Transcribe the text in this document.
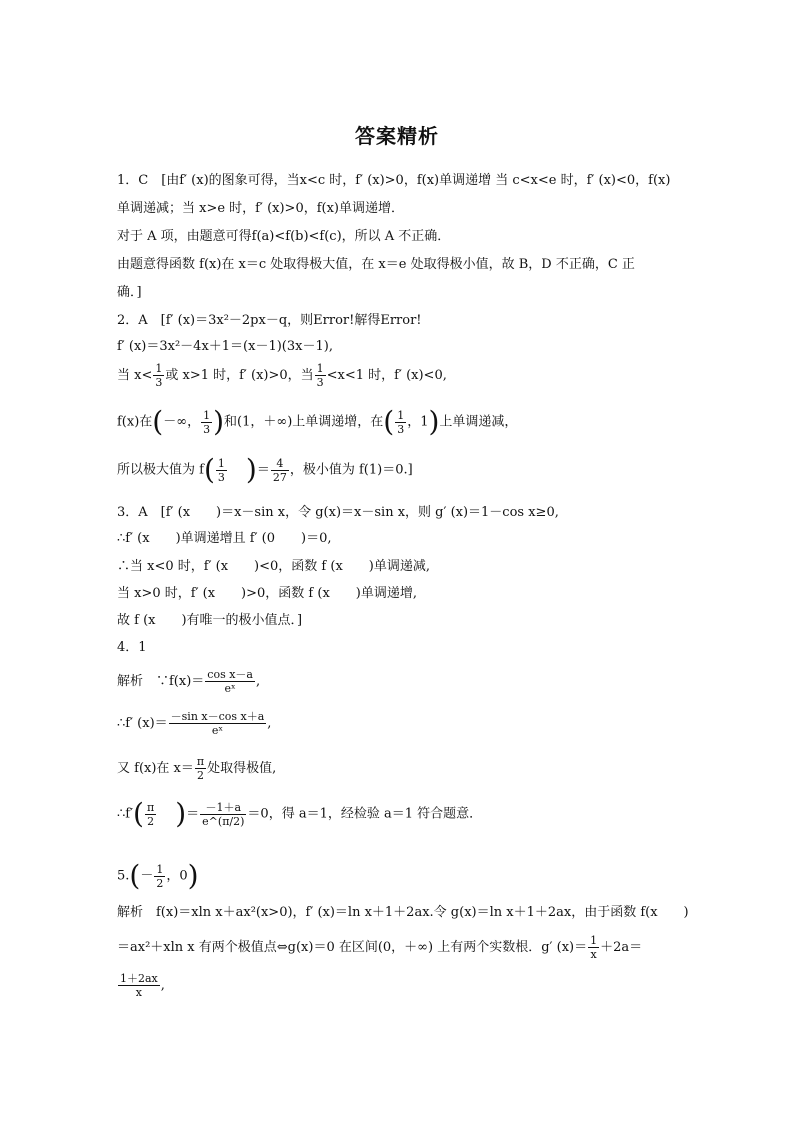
答案精析
1．C　[由f′ (x)的图象可得，当x<c 时，f′ (x)>0，f(x)单调递增 当 c<x<e 时，f′ (x)<0，f(x)
单调递减；当 x>e 时，f′ (x)>0，f(x)单调递增．
对于 A 项，由题意可得f(a)<f(b)<f(c)，所以 A 不正确．
由题意得函数 f(x)在 x＝c 处取得极大值，在 x＝e 处取得极小值，故 B，D 不正确，C 正
确．]
2．A　[f′ (x)＝3x²－2px－q，则Error!解得Error!
f′ (x)＝3x²－4x＋1＝(x－1)(3x－1),
当 $x< \frac{1}{3}$ 或 x>1 时，f′ (x)>0，当 $\frac{1}{3} <x<1$ 时，f′ (x)<0,
f(x)在(－∞， $\frac{1}{3}$ )和(1，＋∞)上单调递增，在( $\frac{1}{3}$ ，1)上单调递减，
所以极大值为 $f( \frac{1}{3}$ )＝ $\frac{4}{27}$ ，极小值为 f(1)＝0.]
3．A　[f′ (x　　)＝x－sin x，令 g(x)＝x－sin x，则 g′ (x)＝1－cos x≥0,
∴f′ (x　　)单调递增且 f′ (0　　)＝0,
∴当 x<0 时，f′ (x　　)<0，函数 f (x　　)单调递减,
当 x>0 时，f′ (x　　)>0，函数 f (x　　)单调递增,
故 f (x　　)有唯一的极小值点．]
4．1
解析　∵f(x)＝ $\frac{\text{cos x－a}}{\text{eˣ}}$ ,
∴f′ $(x)= \frac{\text{－sin x－cos x＋a}}{\text{eˣ}}$ ,
又 f(x)在 $x= \frac{\pi}{2}$ 处取得极值,
∴f′( $\frac{\pi}{2}$ )＝ $\frac{-1+a}{e\^{}(\pi/2)} =0$，得 a＝1，经检验 a＝1 符合题意．
$5.(- \frac{1}{2}$ ，0)
解析　f(x)＝xln x＋ax²(x>0)，f′ (x)＝ln x＋1＋2ax.令 g(x)＝ln x＋1＋2ax，由于函数 f(x　　)
＝ax²＋xln x 有两个极值点⇔g(x)＝0 在区间(0，＋∞) 上有两个实数根．g′ $(x)= \frac{1}{x} +2a=$
$\frac{1+2ax}{x}$ ,
